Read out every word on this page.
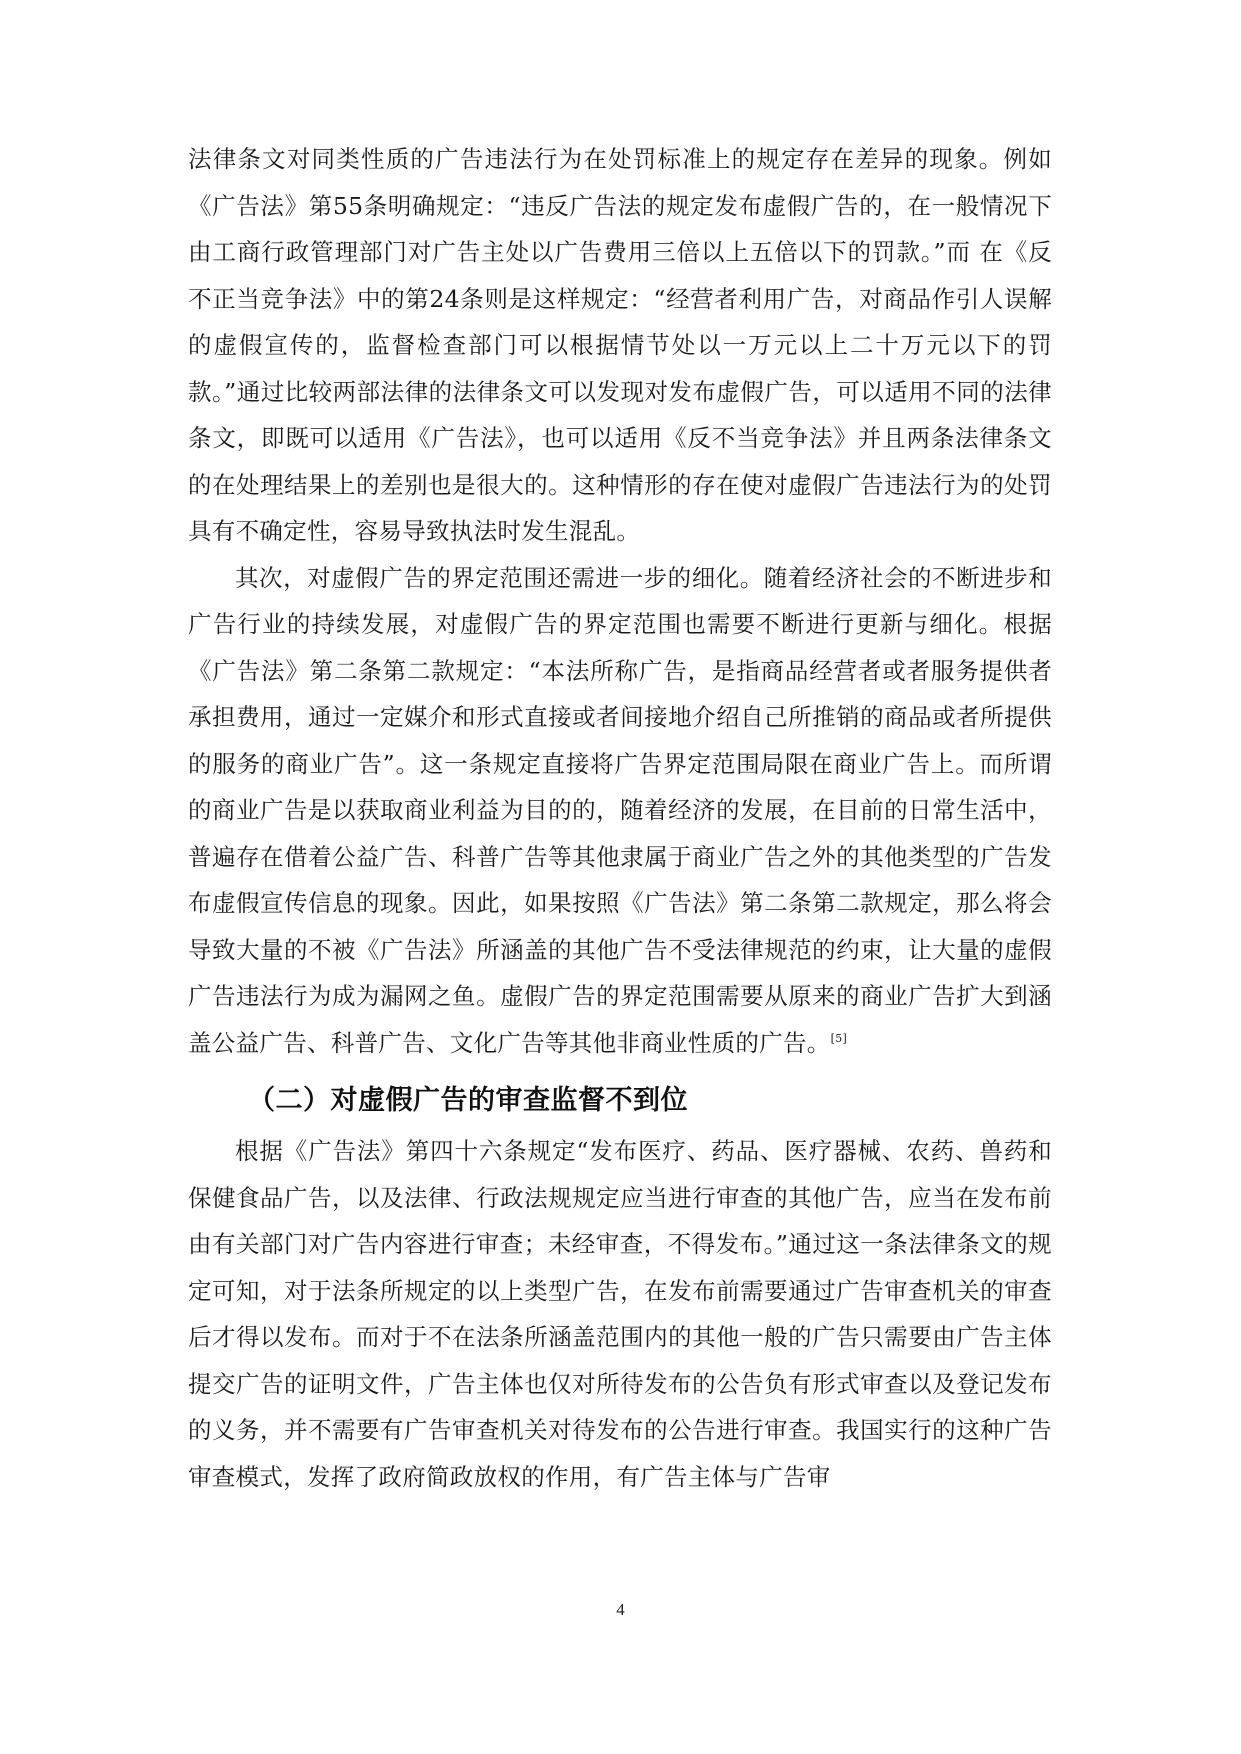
法律条文对同类性质的广告违法行为在处罚标准上的规定存在差异的现象。例如《广告法》第55条明确规定：“违反广告法的规定发布虚假广告的，在一般情况下由工商行政管理部门对广告主处以广告费用三倍以上五倍以下的罚款。”而 在《反不正当竞争法》中的第24条则是这样规定：“经营者利用广告，对商品作引人误解的虚假宣传的，监督检查部门可以根据情节处以一万元以上二十万元以下的罚款。”通过比较两部法律的法律条文可以发现对发布虚假广告，可以适用不同的法律条文，即既可以适用《广告法》，也可以适用《反不当竞争法》并且两条法律条文的在处理结果上的差别也是很大的。这种情形的存在使对虚假广告违法行为的处罚具有不确定性，容易导致执法时发生混乱。

其次，对虚假广告的界定范围还需进一步的细化。随着经济社会的不断进步和广告行业的持续发展，对虚假广告的界定范围也需要不断进行更新与细化。根据《广告法》第二条第二款规定：“本法所称广告，是指商品经营者或者服务提供者承担费用，通过一定媒介和形式直接或者间接地介绍自己所推销的商品或者所提供的服务的商业广告”。这一条规定直接将广告界定范围局限在商业广告上。而所谓的商业广告是以获取商业利益为目的的，随着经济的发展，在目前的日常生活中，普遍存在借着公益广告、科普广告等其他隶属于商业广告之外的其他类型的广告发布虚假宣传信息的现象。因此，如果按照《广告法》第二条第二款规定，那么将会导致大量的不被《广告法》所涵盖的其他广告不受法律规范的约束，让大量的虚假广告违法行为成为漏网之鱼。虚假广告的界定范围需要从原来的商业广告扩大到涵盖公益广告、科普广告、文化广告等其他非商业性质的广告。[5]

（二）对虚假广告的审查监督不到位

根据《广告法》第四十六条规定“发布医疗、药品、医疗器械、农药、兽药和保健食品广告，以及法律、行政法规规定应当进行审查的其他广告，应当在发布前由有关部门对广告内容进行审查；未经审查，不得发布。”通过这一条法律条文的规定可知，对于法条所规定的以上类型广告，在发布前需要通过广告审查机关的审查后才得以发布。而对于不在法条所涵盖范围内的其他一般的广告只需要由广告主体提交广告的证明文件，广告主体也仅对所待发布的公告负有形式审查以及登记发布的义务，并不需要有广告审查机关对待发布的公告进行审查。我国实行的这种广告审查模式，发挥了政府简政放权的作用，有广告主体与广告审

4
